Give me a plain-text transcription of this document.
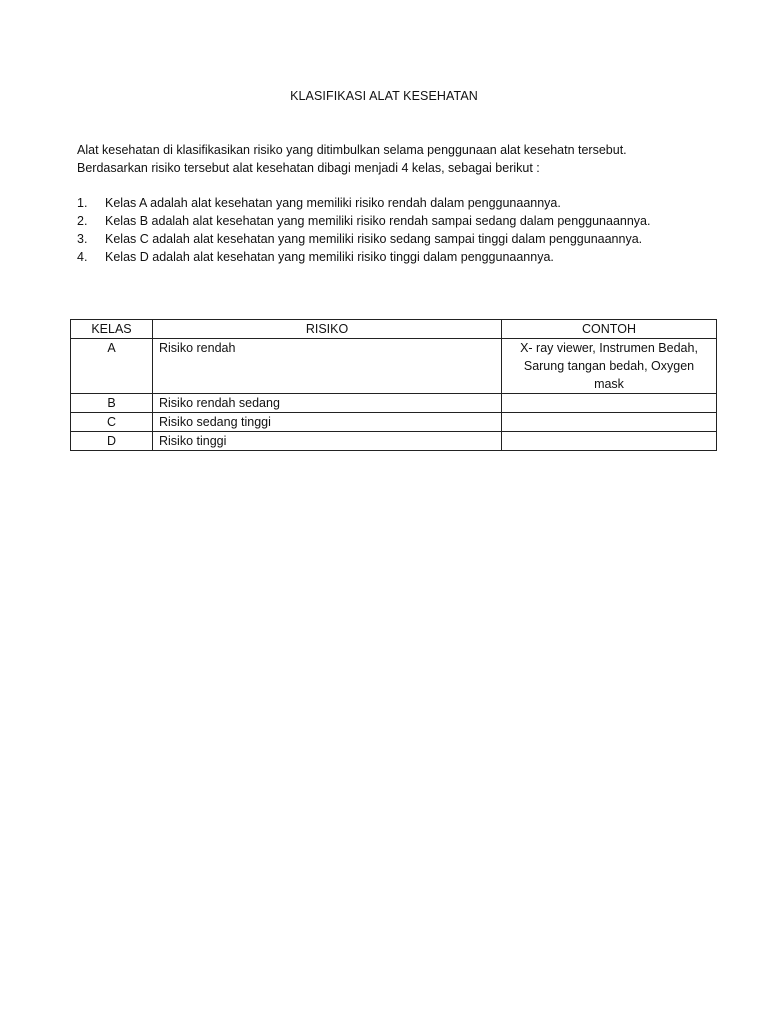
KLASIFIKASI ALAT KESEHATAN

Alat kesehatan di klasifikasikan risiko yang ditimbulkan selama penggunaan alat kesehatn tersebut.

Berdasarkan risiko tersebut alat kesehatan dibagi menjadi 4 kelas, sebagai berikut :

1. Kelas A adalah alat kesehatan yang memiliki risiko rendah dalam penggunaannya.
2. Kelas B adalah alat kesehatan yang memiliki risiko rendah sampai sedang dalam penggunaannya.
3. Kelas C adalah alat kesehatan yang memiliki risiko sedang sampai tinggi dalam penggunaannya.
4. Kelas D adalah alat kesehatan yang memiliki risiko tinggi dalam penggunaannya.
KELAS	RISIKO	CONTOH
A	Risiko rendah	X- ray viewer, Instrumen Bedah, Sarung tangan bedah, Oxygen mask
B	Risiko rendah sedang	
C	Risiko sedang tinggi	
D	Risiko tinggi	
